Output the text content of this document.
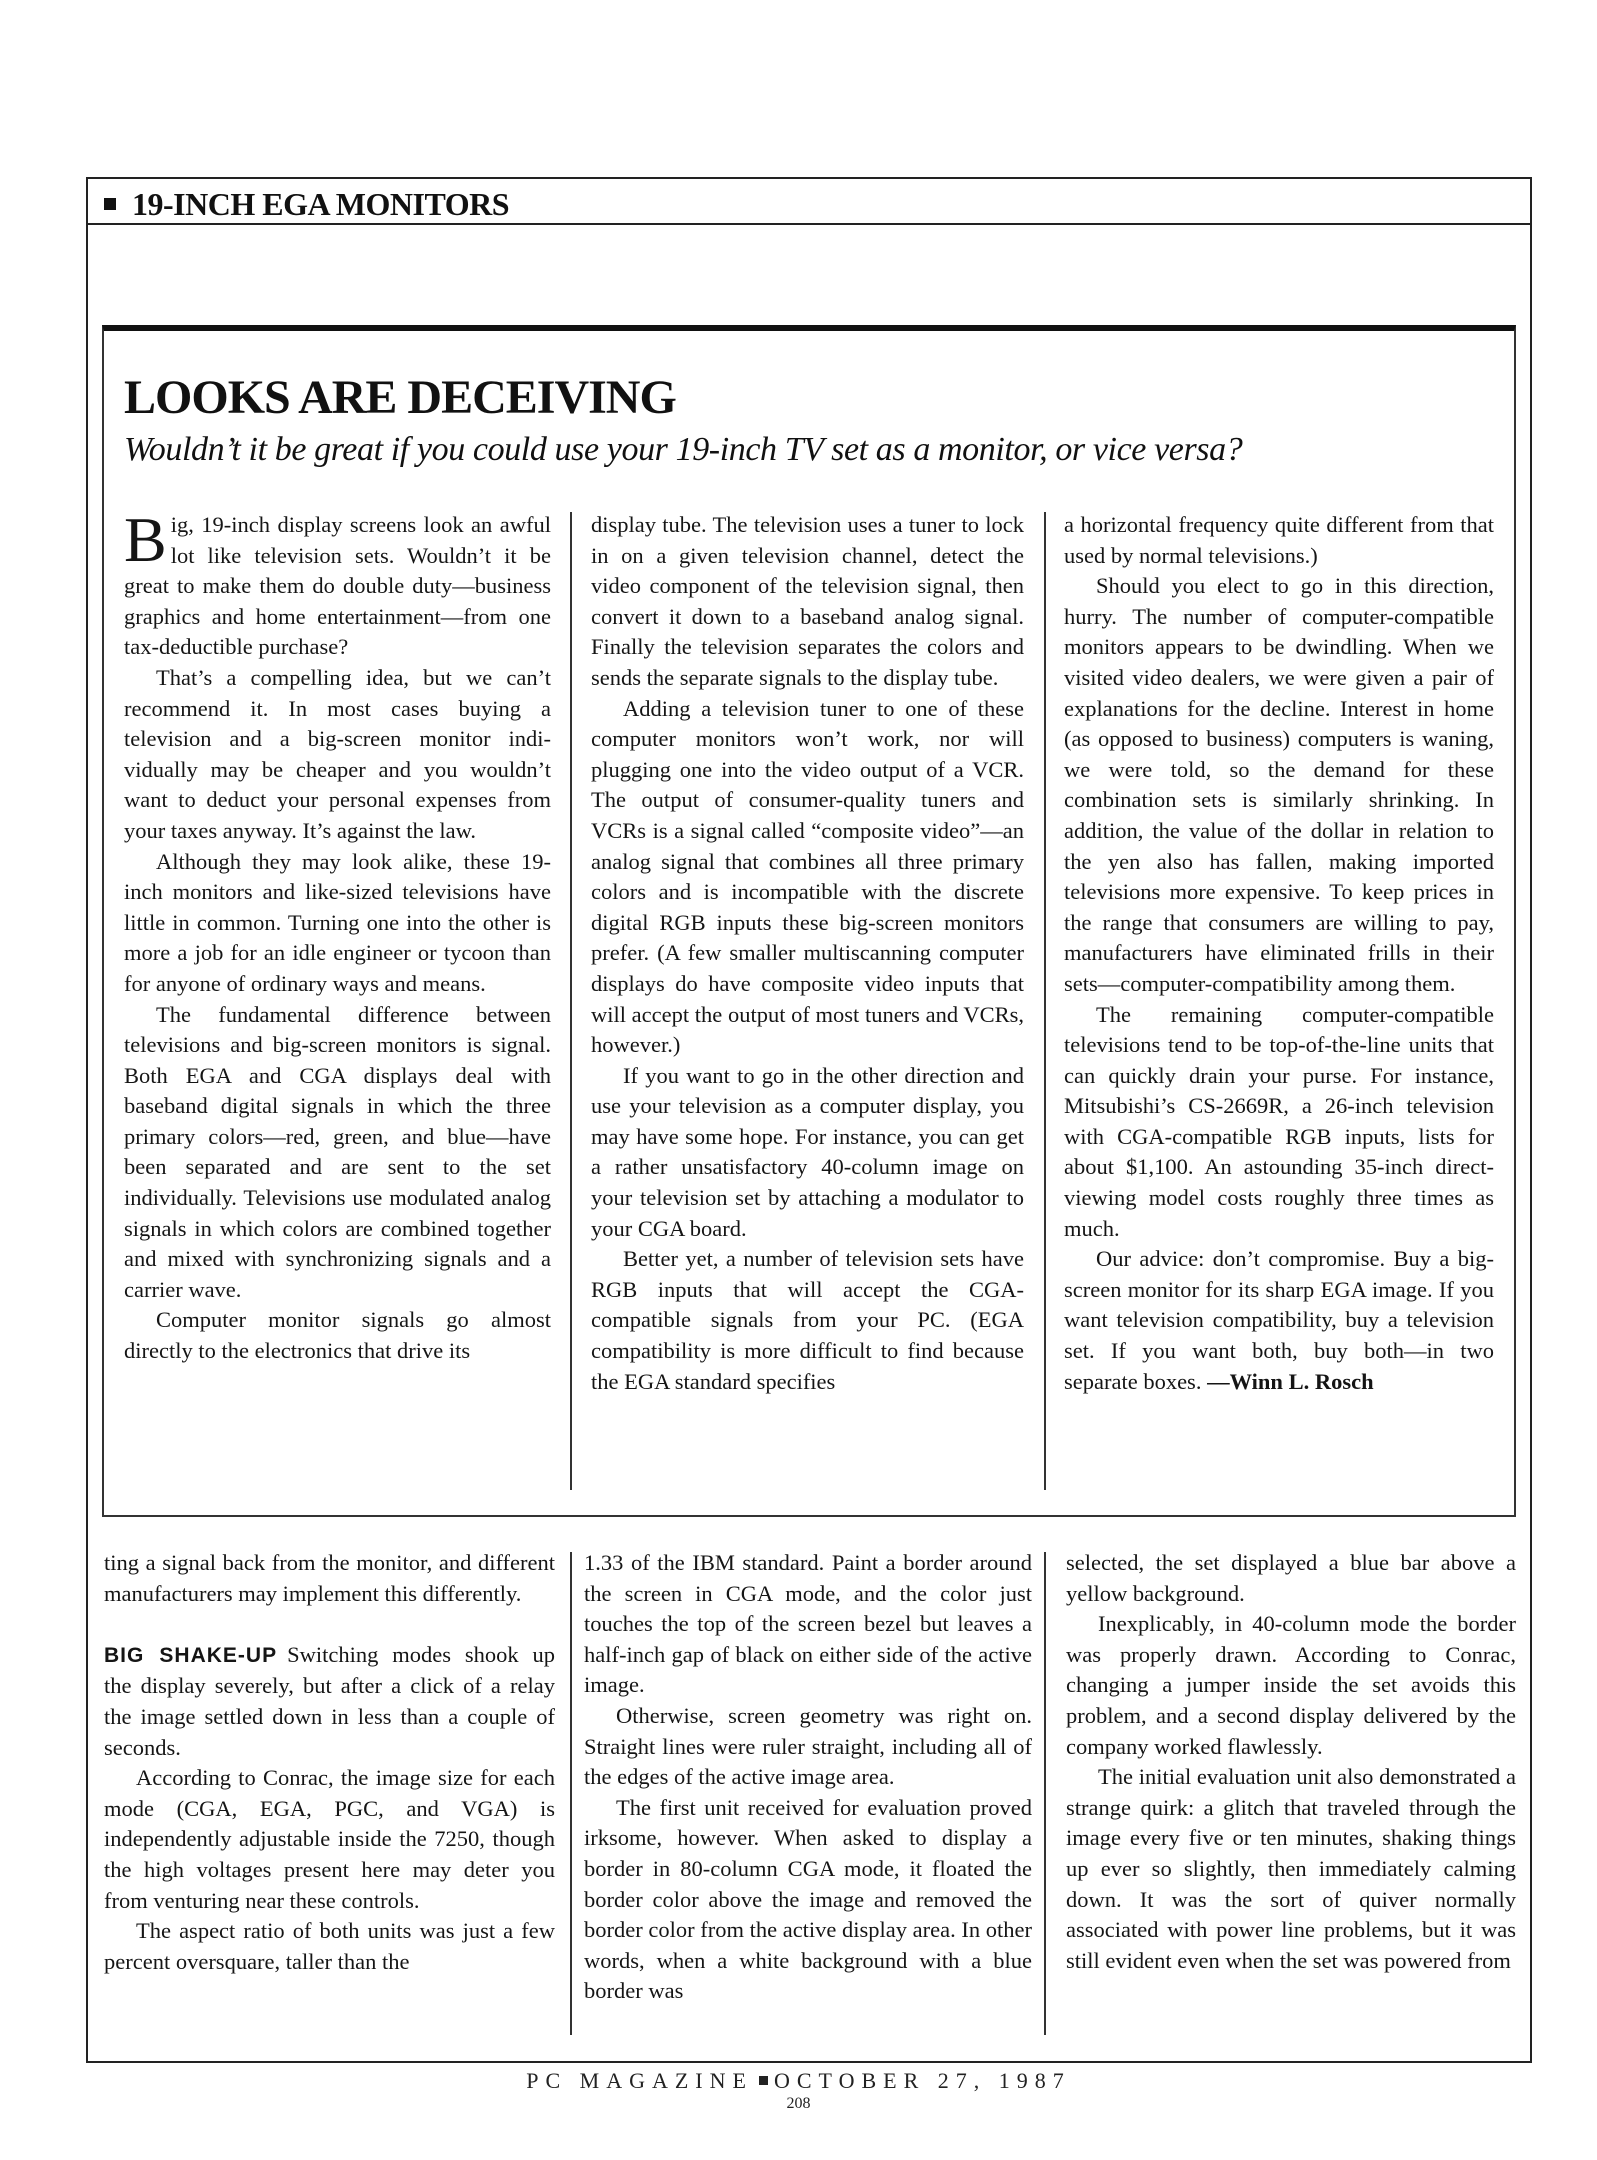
19-INCH EGA MONITORS
LOOKS ARE DECEIVING
Wouldn’t it be great if you could use your 19-inch TV set as a monitor, or vice versa?

Big, 19-inch display screens look an awful lot like television sets. Wouldn’t it be great to make them do double duty—business graphics and home entertainment—from one tax-deductible purchase?

That’s a compelling idea, but we can’t recommend it. In most cases buying a television and a big-screen monitor individually may be cheaper and you wouldn’t want to deduct your personal expenses from your taxes anyway. It’s against the law.

Although they may look alike, these 19-inch monitors and like-sized televisions have little in common. Turning one into the other is more a job for an idle engineer or tycoon than for anyone of ordinary ways and means.

The fundamental difference between televisions and big-screen monitors is signal. Both EGA and CGA displays deal with baseband digital signals in which the three primary colors—red, green, and blue—have been separated and are sent to the set individually. Televisions use modulated analog signals in which colors are combined together and mixed with synchronizing signals and a carrier wave.

Computer monitor signals go almost directly to the electronics that drive its

display tube. The television uses a tuner to lock in on a given television channel, detect the video component of the television signal, then convert it down to a baseband analog signal. Finally the television separates the colors and sends the separate signals to the display tube.

Adding a television tuner to one of these computer monitors won’t work, nor will plugging one into the video output of a VCR. The output of consumer-quality tuners and VCRs is a signal called “composite video”—an analog signal that combines all three primary colors and is incompatible with the discrete digital RGB inputs these big-screen monitors prefer. (A few smaller multiscanning computer displays do have composite video inputs that will accept the output of most tuners and VCRs, however.)

If you want to go in the other direction and use your television as a computer display, you may have some hope. For instance, you can get a rather unsatisfactory 40-column image on your television set by attaching a modulator to your CGA board.

Better yet, a number of television sets have RGB inputs that will accept the CGA-compatible signals from your PC. (EGA compatibility is more difficult to find because the EGA standard specifies

a horizontal frequency quite different from that used by normal televisions.)

Should you elect to go in this direction, hurry. The number of computer-compatible monitors appears to be dwindling. When we visited video dealers, we were given a pair of explanations for the decline. Interest in home (as opposed to business) computers is waning, we were told, so the demand for these combination sets is similarly shrinking. In addition, the value of the dollar in relation to the yen also has fallen, making imported televisions more expensive. To keep prices in the range that consumers are willing to pay, manufacturers have eliminated frills in their sets—computer-compatibility among them.

The remaining computer-compatible televisions tend to be top-of-the-line units that can quickly drain your purse. For instance, Mitsubishi’s CS-2669R, a 26-inch television with CGA-compatible RGB inputs, lists for about $1,100. An astounding 35-inch direct-viewing model costs roughly three times as much.

Our advice: don’t compromise. Buy a big-screen monitor for its sharp EGA image. If you want television compatibility, buy a television set. If you want both, buy both—in two separate boxes. —Winn L. Rosch

ting a signal back from the monitor, and different manufacturers may implement this differently.

BIG SHAKE-UP Switching modes shook up the display severely, but after a click of a relay the image settled down in less than a couple of seconds.

According to Conrac, the image size for each mode (CGA, EGA, PGC, and VGA) is independently adjustable inside the 7250, though the high voltages present here may deter you from venturing near these controls.

The aspect ratio of both units was just a few percent oversquare, taller than the

1.33 of the IBM standard. Paint a border around the screen in CGA mode, and the color just touches the top of the screen bezel but leaves a half-inch gap of black on either side of the active image.

Otherwise, screen geometry was right on. Straight lines were ruler straight, including all of the edges of the active image area.

The first unit received for evaluation proved irksome, however. When asked to display a border in 80-column CGA mode, it floated the border color above the image and removed the border color from the active display area. In other words, when a white background with a blue border was

selected, the set displayed a blue bar above a yellow background.

Inexplicably, in 40-column mode the border was properly drawn. According to Conrac, changing a jumper inside the set avoids this problem, and a second display delivered by the company worked flawlessly.

The initial evaluation unit also demonstrated a strange quirk: a glitch that traveled through the image every five or ten minutes, shaking things up ever so slightly, then immediately calming down. It was the sort of quiver normally associated with power line problems, but it was still evident even when the set was powered from

PC MAGAZINE OCTOBER 27, 1987
208
